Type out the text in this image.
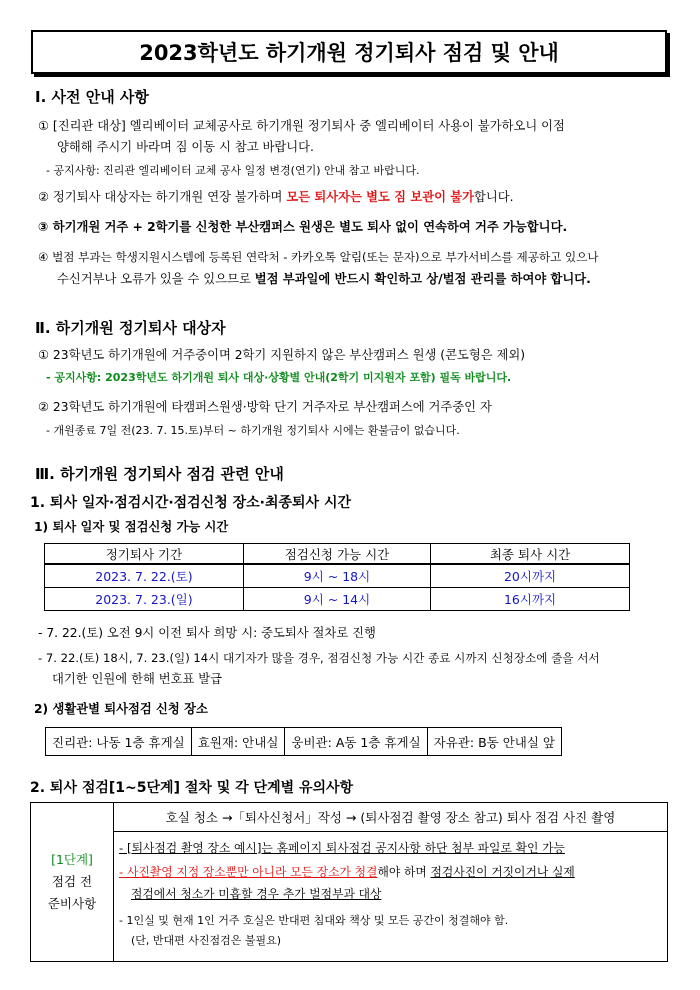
2023학년도 하기개원 정기퇴사 점검 및 안내
Ⅰ. 사전 안내 사항
① [진리관 대상] 엘리베이터 교체공사로 하기개원 정기퇴사 중 엘리베이터 사용이 불가하오니 이점
양해해 주시기 바라며 짐 이동 시 참고 바랍니다.
- 공지사항: 진리관 엘리베이터 교체 공사 일정 변경(연기) 안내 참고 바랍니다.
② 정기퇴사 대상자는 하기개원 연장 불가하며 모든 퇴사자는 별도 짐 보관이 불가합니다.
③ 하기개원 거주 + 2학기를 신청한 부산캠퍼스 원생은 별도 퇴사 없이 연속하여 거주 가능합니다.
④ 벌점 부과는 학생지원시스템에 등록된 연락처 - 카카오톡 알림(또는 문자)으로 부가서비스를 제공하고 있으나
수신거부나 오류가 있을 수 있으므로 벌점 부과일에 반드시 확인하고 상/벌점 관리를 하여야 합니다.
Ⅱ. 하기개원 정기퇴사 대상자
① 23학년도 하기개원에 거주중이며 2학기 지원하지 않은 부산캠퍼스 원생 (콘도형은 제외)
- 공지사항: 2023학년도 하기개원 퇴사 대상·상황별 안내(2학기 미지원자 포함) 필독 바랍니다.
② 23학년도 하기개원에 타캠퍼스원생·방학 단기 거주자로 부산캠퍼스에 거주중인 자
- 개원종료 7일 전(23. 7. 15.토)부터 ~ 하기개원 정기퇴사 시에는 환불금이 없습니다.
Ⅲ. 하기개원 정기퇴사 점검 관련 안내
1. 퇴사 일자·점검시간·점검신청 장소·최종퇴사 시간
1) 퇴사 일자 및 점검신청 가능 시간
정기퇴사 기간	점검신청 가능 시간	최종 퇴사 시간
2023. 7. 22.(토)	9시 ~ 18시	20시까지
2023. 7. 23.(일)	9시 ~ 14시	16시까지
- 7. 22.(토) 오전 9시 이전 퇴사 희망 시: 중도퇴사 절차로 진행
- 7. 22.(토) 18시, 7. 23.(일) 14시 대기자가 많을 경우, 점검신청 가능 시간 종료 시까지 신청장소에 줄을 서서
대기한 인원에 한해 번호표 발급
2) 생활관별 퇴사점검 신청 장소
진리관: 나동 1층 휴게실	효원재: 안내실	웅비관: A동 1층 휴게실	자유관: B동 안내실 앞
2. 퇴사 점검[1~5단계] 절차 및 각 단계별 유의사항
[1단계]
점검 전
준비사항
호실 청소 →「퇴사신청서」작성 → (퇴사점검 촬영 장소 참고) 퇴사 점검 사진 촬영
- [퇴사점검 촬영 장소 예시]는 홈페이지 퇴사점검 공지사항 하단 첨부 파일로 확인 가능
- 사진촬영 지정 장소뿐만 아니라 모든 장소가 청결해야 하며 점검사진이 거짓이거나 실제
점검에서 청소가 미흡할 경우 추가 벌점부과 대상
- 1인실 및 현재 1인 거주 호실은 반대편 침대와 책상 및 모든 공간이 청결해야 함.
(단, 반대편 사진점검은 불필요)
